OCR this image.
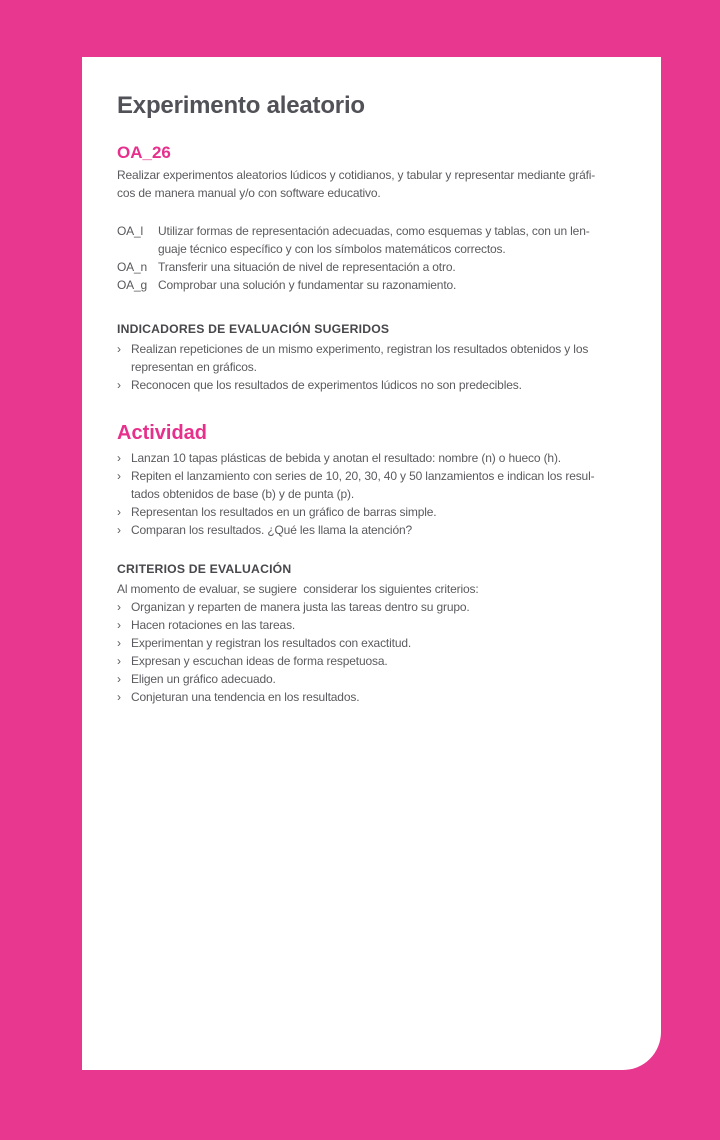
Experimento aleatorio
OA_26
Realizar experimentos aleatorios lúdicos y cotidianos, y tabular y representar mediante gráfi-
cos de manera manual y/o con software educativo.
OA_l	Utilizar formas de representación adecuadas, como esquemas y tablas, con un len-
guaje técnico específico y con los símbolos matemáticos correctos.
OA_n Transferir una situación de nivel de representación a otro.
OA_g Comprobar una solución y fundamentar su razonamiento.
INDICADORES DE EVALUACIÓN SUGERIDOS
› Realizan repeticiones de un mismo experimento, registran los resultados obtenidos y los
representan en gráficos.
› Reconocen que los resultados de experimentos lúdicos no son predecibles.
Actividad
› Lanzan 10 tapas plásticas de bebida y anotan el resultado: nombre (n) o hueco (h).
› Repiten el lanzamiento con series de 10, 20, 30, 40 y 50 lanzamientos e indican los resul-
tados obtenidos de base (b) y de punta (p).
› Representan los resultados en un gráfico de barras simple.
› Comparan los resultados. ¿Qué les llama la atención?
CRITERIOS DE EVALUACIÓN
Al momento de evaluar, se sugiere  considerar los siguientes criterios:
› Organizan y reparten de manera justa las tareas dentro su grupo.
› Hacen rotaciones en las tareas.
› Experimentan y registran los resultados con exactitud.
› Expresan y escuchan ideas de forma respetuosa.
› Eligen un gráfico adecuado.
› Conjeturan una tendencia en los resultados.
